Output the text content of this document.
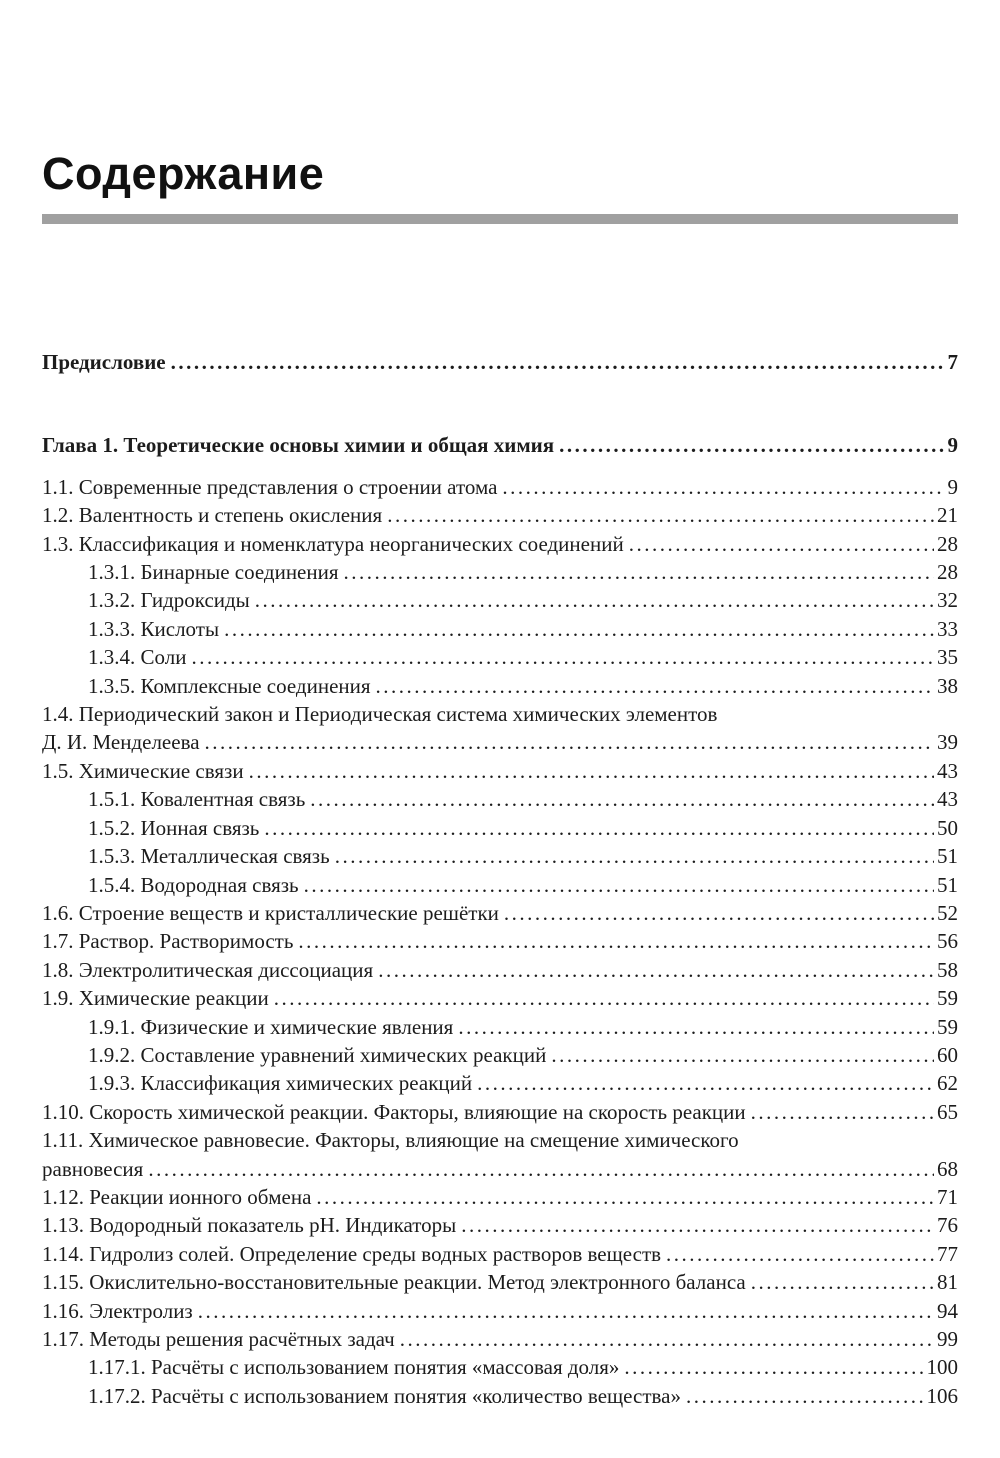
Содержание
Предисловие .....	7
Глава 1. Теоретические основы химии и общая химия .....	9
1.1. Современные представления о строении атома .....	9
1.2. Валентность и степень окисления .....	21
1.3. Классификация и номенклатура неорганических соединений .....	28
1.3.1. Бинарные соединения .....	28
1.3.2. Гидроксиды .....	32
1.3.3. Кислоты .....	33
1.3.4. Соли .....	35
1.3.5. Комплексные соединения .....	38
1.4. Периодический закон и Периодическая система химических элементов
Д. И. Менделеева .....	39
1.5. Химические связи .....	43
1.5.1. Ковалентная связь .....	43
1.5.2. Ионная связь .....	50
1.5.3. Металлическая связь .....	51
1.5.4. Водородная связь .....	51
1.6. Строение веществ и кристаллические решётки .....	52
1.7. Раствор. Растворимость .....	56
1.8. Электролитическая диссоциация .....	58
1.9. Химические реакции .....	59
1.9.1. Физические и химические явления .....	59
1.9.2. Составление уравнений химических реакций .....	60
1.9.3. Классификация химических реакций .....	62
1.10. Скорость химической реакции. Факторы, влияющие на скорость реакции .....	65
1.11. Химическое равновесие. Факторы, влияющие на смещение химического
равновесия .....	68
1.12. Реакции ионного обмена .....	71
1.13. Водородный показатель рН. Индикаторы .....	76
1.14. Гидролиз солей. Определение среды водных растворов веществ .....	77
1.15. Окислительно-восстановительные реакции. Метод электронного баланса .....	81
1.16. Электролиз .....	94
1.17. Методы решения расчётных задач .....	99
1.17.1. Расчёты с использованием понятия «массовая доля» .....	100
1.17.2. Расчёты с использованием понятия «количество вещества» .....	106
